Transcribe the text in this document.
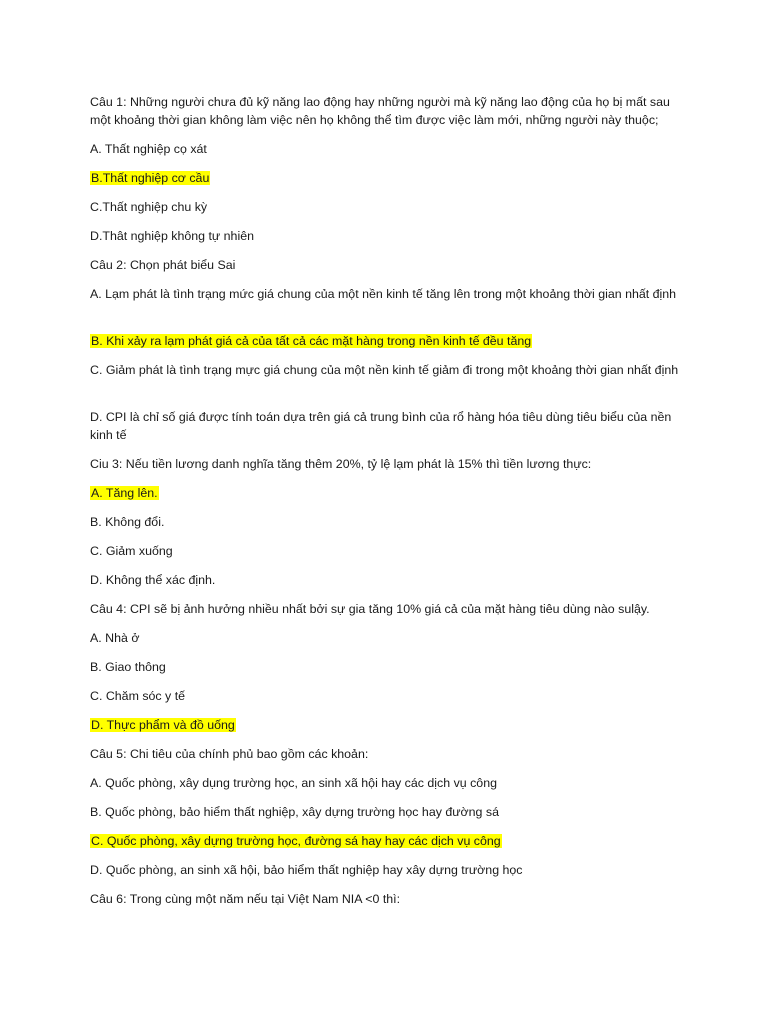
Câu 1: Những người chưa đủ kỹ năng lao động hay những người mà kỹ năng lao động của họ bị mất sau một khoảng thời gian không làm việc nên họ không thể tìm được việc làm mới, những người này thuộc;
A. Thất nghiệp cọ xát
B.Thất nghiệp cơ cầu
C.Thất nghiệp chu kỳ
D.Thât nghiệp không tự nhiên
Câu 2: Chọn phát biểu Sai
A. Lạm phát là tình trạng mức giá chung của một nền kinh tế tăng lên trong một khoảng thời gian nhất định
B. Khi xảy ra lạm phát giá cả của tất cả các mặt hàng trong nền kinh tế đều tăng
C. Giảm phát là tình trạng mực giá chung của một nền kinh tế giảm đi trong một khoảng thời gian nhất định
D. CPI là chỉ số giá được tính toán dựa trên giá cả trung bình của rổ hàng hóa tiêu dùng tiêu biểu của nền kinh tế
Ciu 3: Nếu tiền lương danh nghĩa tăng thêm 20%, tỷ lệ lạm phát là 15% thì tiền lương thực:
A. Tăng lên.
B. Không đổi.
C. Giảm xuống
D. Không thể xác định.
Câu 4: CPI sẽ bị ảnh hưởng nhiều nhất bởi sự gia tăng 10% giá cả của mặt hàng tiêu dùng nào sulậy.
A. Nhà ở
B. Giao thông
C. Chăm sóc y tế
D. Thực phẩm và đồ uống
Câu 5: Chi tiêu của chính phủ bao gồm các khoản:
A. Quốc phòng, xây dụng trường học, an sinh xã hội hay các dịch vụ công
B. Quốc phòng, bảo hiểm thất nghiệp, xây dựng trường học hay đường sá
C. Quốc phòng, xây dựng trường học, đường sá hay hay các dịch vụ công
D. Quốc phòng, an sinh xã hội, bảo hiểm thất nghiệp hay xây dựng trường học
Câu 6: Trong cùng một năm nếu tại Việt Nam NIA <0 thì:
